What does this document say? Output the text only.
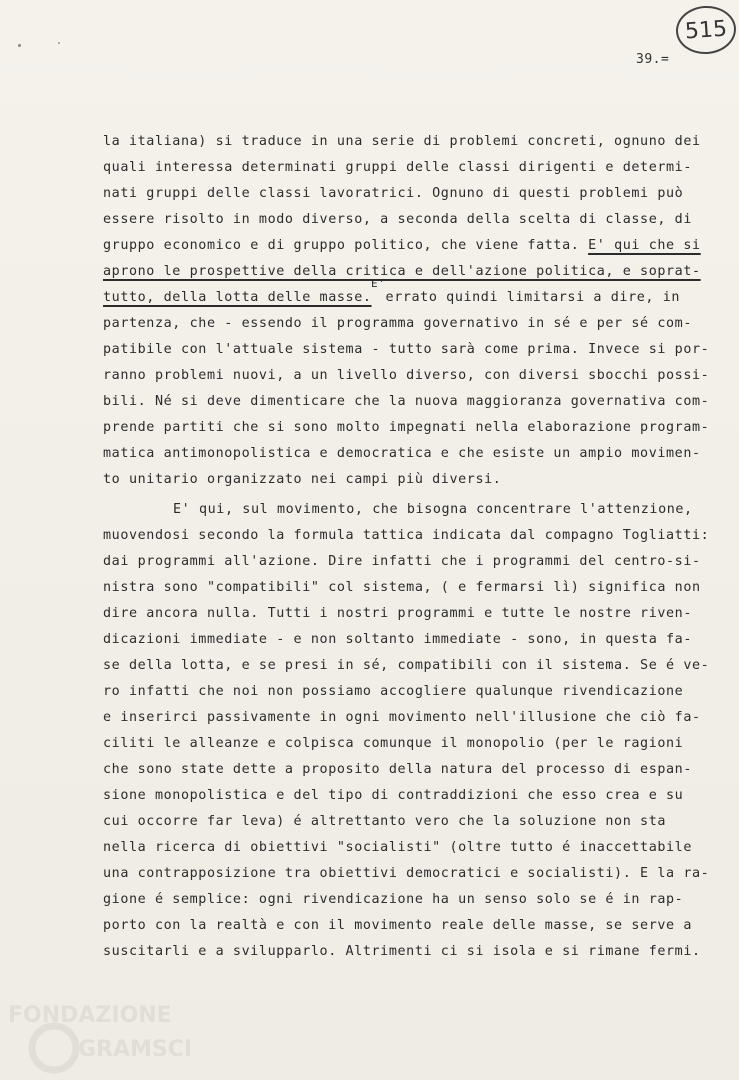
515
39.=
la italiana) si traduce in una serie di problemi concreti, ognuno dei
quali interessa determinati gruppi delle classi dirigenti e determi-
nati gruppi delle classi lavoratrici. Ognuno di questi problemi può
essere risolto in modo diverso, a seconda della scelta di classe, di
gruppo economico e di gruppo politico, che viene fatta. E' qui che si
aprono le prospettive della critica e dell'azione politica, e soprat-
tutto, della lotta delle masse.
E'
errato quindi limitarsi a dire, in
partenza, che - essendo il programma governativo in sé e per sé com-
patibile con l'attuale sistema - tutto sarà come prima. Invece si por-
ranno problemi nuovi, a un livello diverso, con diversi sbocchi possi-
bili. Né si deve dimenticare che la nuova maggioranza governativa com-
prende partiti che si sono molto impegnati nella elaborazione program-
matica antimonopolistica e democratica e che esiste un ampio movimen-
to unitario organizzato nei campi più diversi.
E' qui, sul movimento, che bisogna concentrare l'attenzione,
muovendosi secondo la formula tattica indicata dal compagno Togliatti:
dai programmi all'azione. Dire infatti che i programmi del centro-si-
nistra sono "compatibili" col sistema, ( e fermarsi lì) significa non
dire ancora nulla. Tutti i nostri programmi e tutte le nostre riven-
dicazioni immediate - e non soltanto immediate - sono, in questa fa-
se della lotta, e se presi in sé, compatibili con il sistema. Se é ve-
ro infatti che noi non possiamo accogliere qualunque rivendicazione
e inserirci passivamente in ogni movimento nell'illusione che ciò fa-
ciliti le alleanze e colpisca comunque il monopolio (per le ragioni
che sono state dette a proposito della natura del processo di espan-
sione monopolistica e del tipo di contraddizioni che esso crea e su
cui occorre far leva) é altrettanto vero che la soluzione non sta
nella ricerca di obiettivi "socialisti" (oltre tutto é inaccettabile
una contrapposizione tra obiettivi democratici e socialisti). E la ra-
gione é semplice: ogni rivendicazione ha un senso solo se é in rap-
porto con la realtà e con il movimento reale delle masse, se serve a
suscitarli e a svilupparlo. Altrimenti ci si isola e si rimane fermi.
FONDAZIONE
GRAMSCI
